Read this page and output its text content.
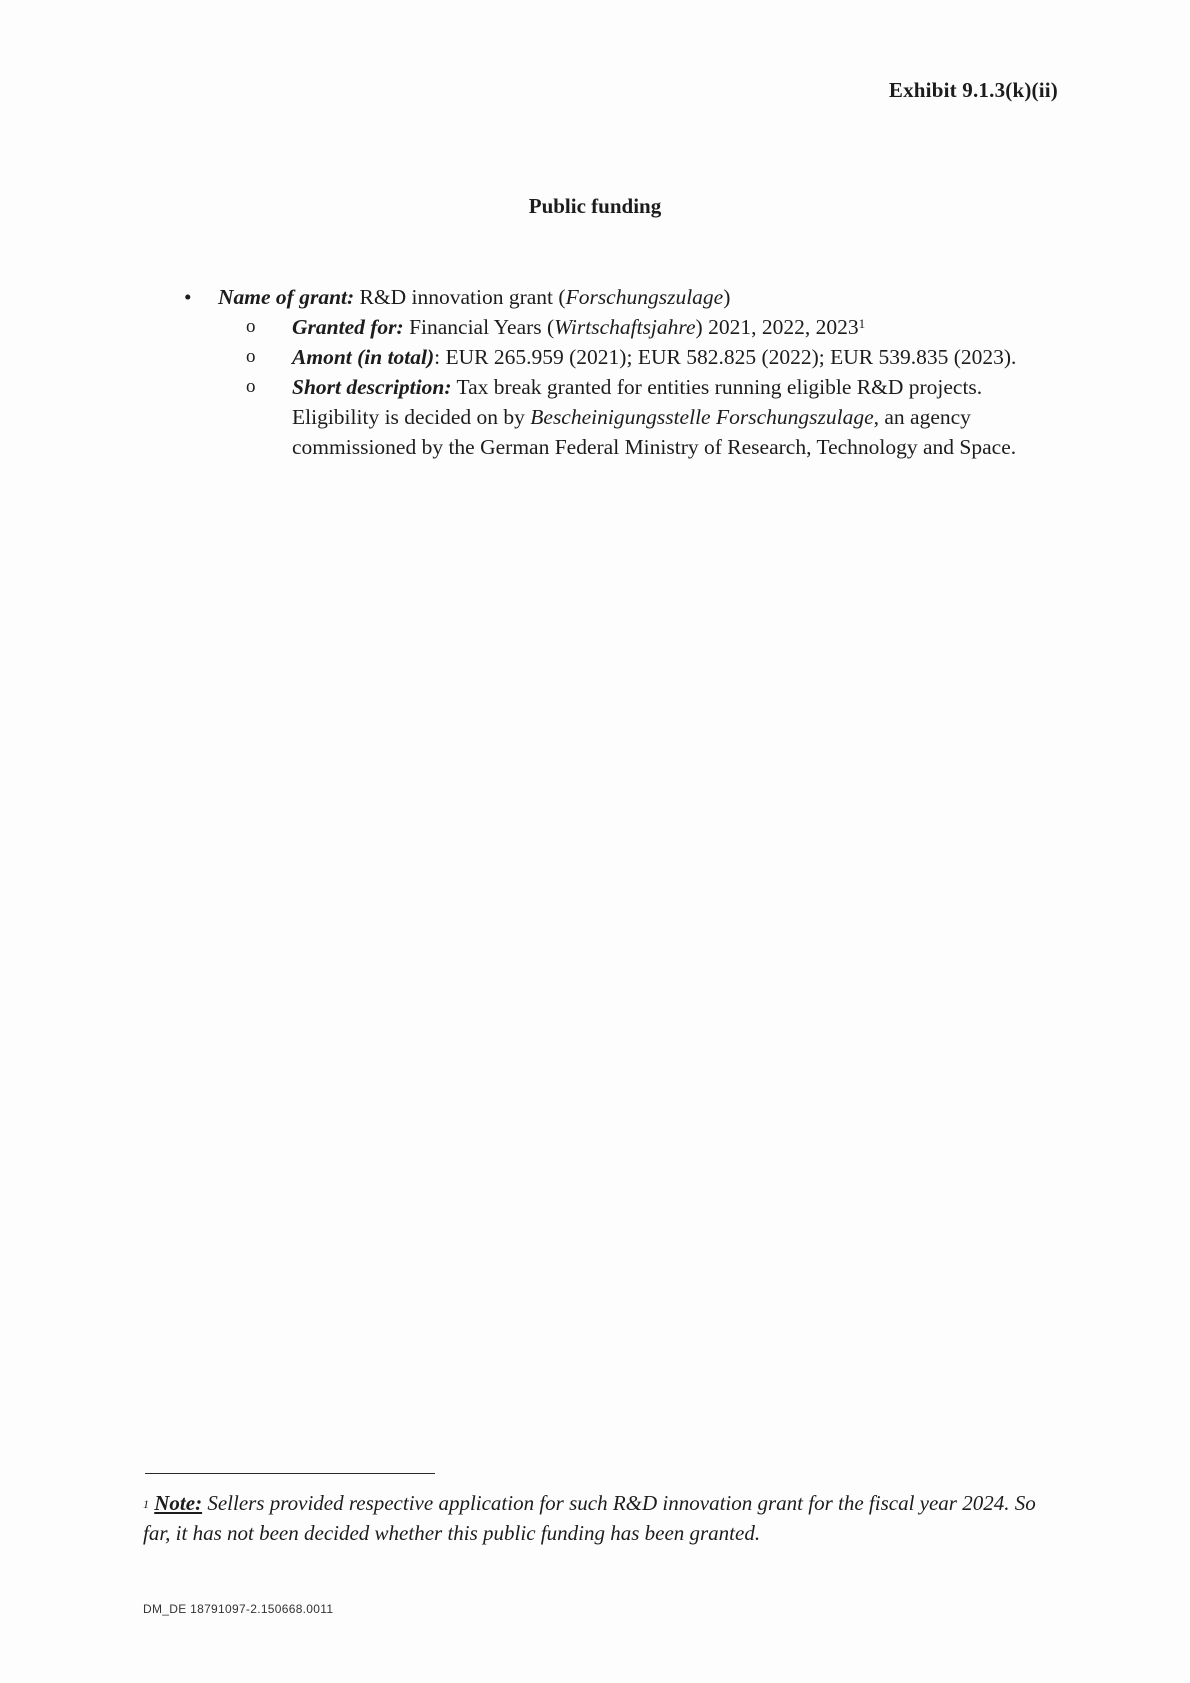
Exhibit 9.1.3(k)(ii)
Public funding
• Name of grant: R&D innovation grant (Forschungszulage)
o Granted for: Financial Years (Wirtschaftsjahre) 2021, 2022, 2023$^1$
o Amont (in total): EUR 265.959 (2021); EUR 582.825 (2022); EUR 539.835 (2023).
o Short description: Tax break granted for entities running eligible R&D projects. Eligibility is decided on by Bescheinigungsstelle Forschungszulage, an agency commissioned by the German Federal Ministry of Research, Technology and Space.
$^1$ Note: Sellers provided respective application for such R&D innovation grant for the fiscal year 2024. So far, it has not been decided whether this public funding has been granted.
DM_DE 18791097-2.150668.0011
